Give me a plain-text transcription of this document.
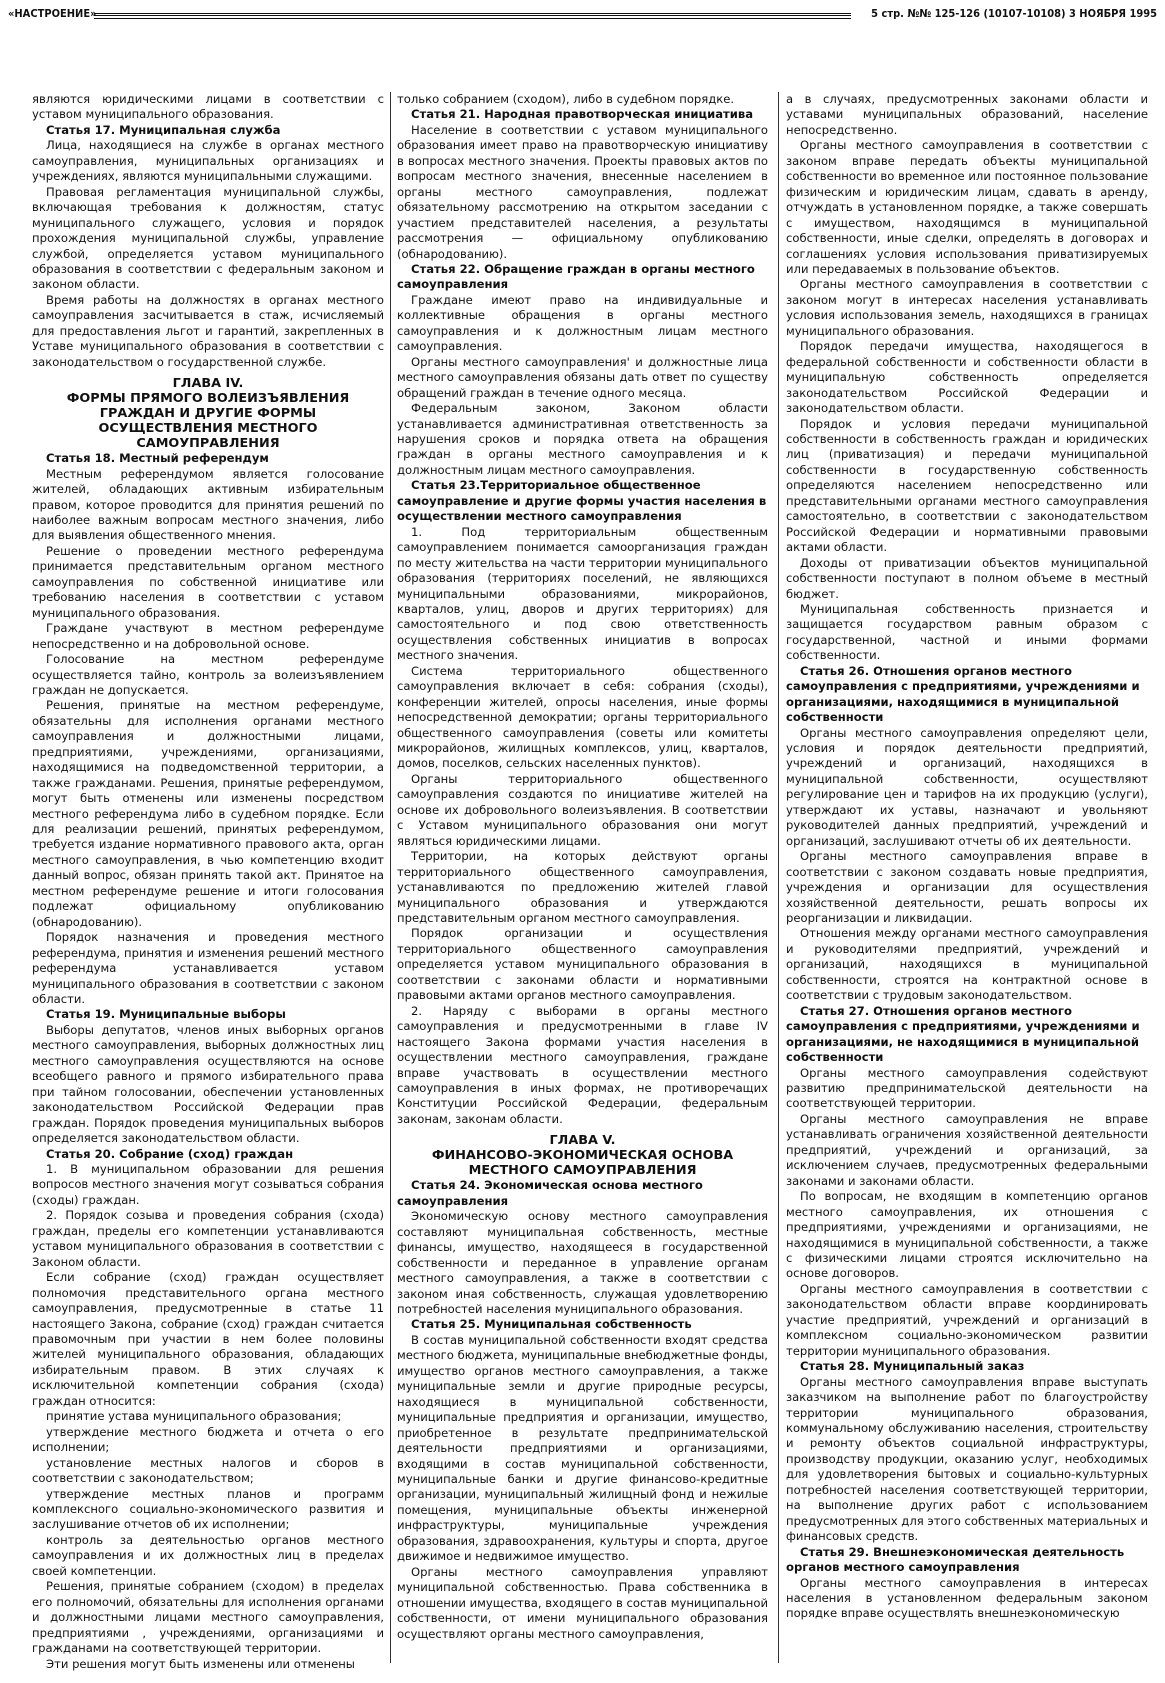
«НАСТРОЕНИЕ»	5 стр. №№ 125-126 (10107-10108) 3 НОЯБРЯ 1995

являются юридическими лицами в соответствии с уставом муниципального образования.

Статья 17. Муниципальная служба

Лица, находящиеся на службе в органах местного самоуправления, муниципальных организациях и учреждениях, являются муниципальными служащими.

Правовая регламентация муниципальной службы, включающая требования к должностям, статус муниципального служащего, условия и порядок прохождения муниципальной службы, управление службой, определяется уставом муниципального образования в соответствии с федеральным законом и законом области.

Время работы на должностях в органах местного самоуправления засчитывается в стаж, исчисляемый для предоставления льгот и гарантий, закрепленных в Уставе муниципального образования в соответствии с законодательством о государственной службе.

ГЛАВА IV.
ФОРМЫ ПРЯМОГО ВОЛЕИЗЪЯВЛЕНИЯ ГРАЖДАН И ДРУГИЕ ФОРМЫ ОСУЩЕСТВЛЕНИЯ МЕСТНОГО САМОУПРАВЛЕНИЯ
Статья 18. Местный референдум

Местным референдумом является голосование жителей, обладающих активным избирательным правом, которое проводится для принятия решений по наиболее важным вопросам местного значения, либо для выявления общественного мнения.

Решение о проведении местного референдума принимается представительным органом местного самоуправления по собственной инициативе или требованию населения в соответствии с уставом муниципального образования.

Граждане участвуют в местном референдуме непосредственно и на добровольной основе.

Голосование на местном референдуме осуществляется тайно, контроль за волеизъявлением граждан не допускается.

Решения, принятые на местном референдуме, обязательны для исполнения органами местного самоуправления и должностными лицами, предприятиями, учреждениями, организациями, находящимися на подведомственной территории, а также гражданами. Решения, принятые референдумом, могут быть отменены или изменены посредством местного референдума либо в судебном порядке. Если для реализации решений, принятых референдумом, требуется издание нормативного правового акта, орган местного самоуправления, в чью компетенцию входит данный вопрос, обязан принять такой акт. Принятое на местном референдуме решение и итоги голосования подлежат официальному опубликованию (обнародованию).

Порядок назначения и проведения местного референдума, принятия и изменения решений местного референдума устанавливается уставом муниципального образования в соответствии с законом области.

Статья 19. Муниципальные выборы

Выборы депутатов, членов иных выборных органов местного самоуправления, выборных должностных лиц местного самоуправления осуществляются на основе всеобщего равного и прямого избирательного права при тайном голосовании, обеспечении установленных законодательством Российской Федерации прав граждан. Порядок проведения муниципальных выборов определяется законодательством области.

Статья 20. Собрание (сход) граждан

1. В муниципальном образовании для решения вопросов местного значения могут созываться собрания (сходы) граждан.

2. Порядок созыва и проведения собрания (схода) граждан, пределы его компетенции устанавливаются уставом муниципального образования в соответствии с Законом области.

Если собрание (сход) граждан осуществляет полномочия представительного органа местного самоуправления, предусмотренные в статье 11 настоящего Закона, собрание (сход) граждан считается правомочным при участии в нем более половины жителей муниципального образования, обладающих избирательным правом. В этих случаях к исключительной компетенции собрания (схода) граждан относится:

принятие устава муниципального образования;

утверждение местного бюджета и отчета о его исполнении;

установление местных налогов и сборов в соответствии с законодательством;

утверждение местных планов и программ комплексного социально-экономического развития и заслушивание отчетов об их исполнении;

контроль за деятельностью органов местного самоуправления и их должностных лиц в пределах своей компетенции.

Решения, принятые собранием (сходом) в пределах его полномочий, обязательны для исполнения органами и должностными лицами местного самоуправления, предприятиями , учреждениями, организациями и гражданами на соответствующей территории.

Эти решения могут быть изменены или отменены

только собранием (сходом), либо в судебном порядке.

Статья 21. Народная правотворческая инициатива

Население в соответствии с уставом муниципального образования имеет право на правотворческую инициативу в вопросах местного значения. Проекты правовых актов по вопросам местного значения, внесенные населением в органы местного самоуправления, подлежат обязательному рассмотрению на открытом заседании с участием представителей населения, а результаты рассмотрения — официальному опубликованию (обнародованию).

Статья 22. Обращение граждан в органы местного самоуправления

Граждане имеют право на индивидуальные и коллективные обращения в органы местного самоуправления и к должностным лицам местного самоуправления.

Органы местного самоуправления' и должностные лица местного самоуправления обязаны дать ответ по существу обращений граждан в течение одного месяца.

Федеральным законом, Законом области устанавливается административная ответственность за нарушения сроков и порядка ответа на обращения граждан в органы местного самоуправления и к должностным лицам местного самоуправления.

Статья 23.Территориальное общественное самоуправление и другие формы участия населения в осуществлении местного самоуправления

1. Под территориальным общественным самоуправлением понимается самоорганизация граждан по месту жительства на части территории муниципального образования (территориях поселений, не являющихся муниципальными образованиями, микрорайонов, кварталов, улиц, дворов и других территориях) для самостоятельного и под свою ответственность осуществления собственных инициатив в вопросах местного значения.

Система территориального общественного самоуправления включает в себя: собрания (сходы), конференции жителей, опросы населения, иные формы непосредственной демократии; органы территориального общественного самоуправления (советы или комитеты микрорайонов, жилищных комплексов, улиц, кварталов, домов, поселков, сельских населенных пунктов).

Органы территориального общественного самоуправления создаются по инициативе жителей на основе их добровольного волеизъявления. В соответствии с Уставом муниципального образования они могут являться юридическими лицами.

Территории, на которых действуют органы территориального общественного самоуправления, устанавливаются по предложению жителей главой муниципального образования и утверждаются представительным органом местного самоуправления.

Порядок организации и осуществления территориального общественного самоуправления определяется уставом муниципального образования в соответствии с законами области и нормативными правовыми актами органов местного самоуправления.

2. Наряду с выборами в органы местного самоуправления и предусмотренными в главе IV настоящего Закона формами участия населения в осуществлении местного самоуправления, граждане вправе участвовать в осуществлении местного самоуправления в иных формах, не противоречащих Конституции Российской Федерации, федеральным законам, законам области.

ГЛАВА V.
ФИНАНСОВО-ЭКОНОМИЧЕСКАЯ ОСНОВА МЕСТНОГО САМОУПРАВЛЕНИЯ
Статья 24. Экономическая основа местного самоуправления

Экономическую основу местного самоуправления составляют муниципальная собственность, местные финансы, имущество, находящееся в государственной собственности и переданное в управление органам местного самоуправления, а также в соответствии с законом иная собственность, служащая удовлетворению потребностей населения муниципального образования.

Статья 25. Муниципальная собственность

В состав муниципальной собственности входят средства местного бюджета, муниципальные внебюджетные фонды, имущество органов местного самоуправления, а также муниципальные земли и другие природные ресурсы, находящиеся в муниципальной собственности, муниципальные предприятия и организации, имущество, приобретенное в результате предпринимательской деятельности предприятиями и организациями, входящими в состав муниципальной собственности, муниципальные банки и другие финансово-кредитные организации, муниципальный жилищный фонд и нежилые помещения, муниципальные объекты инженерной инфраструктуры, муниципальные учреждения образования, здравоохранения, культуры и спорта, другое движимое и недвижимое имущество.

Органы местного самоуправления управляют муниципальной собственностью. Права собственника в отношении имущества, входящего в состав муниципальной собственности, от имени муниципального образования осуществляют органы местного самоуправления,

а в случаях, предусмотренных законами области и уставами муниципальных образований, население непосредственно.

Органы местного самоуправления в соответствии с законом вправе передать объекты муниципальной собственности во временное или постоянное пользование физическим и юридическим лицам, сдавать в аренду, отчуждать в установленном порядке, а также совершать с имуществом, находящимся в муниципальной собственности, иные сделки, определять в договорах и соглашениях условия использования приватизируемых или передаваемых в пользование объектов.

Органы местного самоуправления в соответствии с законом могут в интересах населения устанавливать условия использования земель, находящихся в границах муниципального образования.

Порядок передачи имущества, находящегося в федеральной собственности и собственности области в муниципальную собственность определяется законодательством Российской Федерации и законодательством области.

Порядок и условия передачи муниципальной собственности в собственность граждан и юридических лиц (приватизация) и передачи муниципальной собственности в государственную собственность определяются населением непосредственно или представительными органами местного самоуправления самостоятельно, в соответствии с законодательством Российской Федерации и нормативными правовыми актами области.

Доходы от приватизации объектов муниципальной собственности поступают в полном объеме в местный бюджет.

Муниципальная собственность признается и защищается государством равным образом с государственной, частной и иными формами собственности.

Статья 26. Отношения органов местного самоуправления с предприятиями, учреждениями и организациями, находящимися в муниципальной собственности

Органы местного самоуправления определяют цели, условия и порядок деятельности предприятий, учреждений и организаций, находящихся в муниципальной собственности, осуществляют регулирование цен и тарифов на их продукцию (услуги), утверждают их уставы, назначают и увольняют руководителей данных предприятий, учреждений и организаций, заслушивают отчеты об их деятельности.

Органы местного самоуправления вправе в соответствии с законом создавать новые предприятия, учреждения и организации для осуществления хозяйственной деятельности, решать вопросы их реорганизации и ликвидации.

Отношения между органами местного самоуправления и руководителями предприятий, учреждений и организаций, находящихся в муниципальной собственности, строятся на контрактной основе в соответствии с трудовым законодательством.

Статья 27. Отношения органов местного самоуправления с предприятиями, учреждениями и организациями, не находящимися в муниципальной собственности

Органы местного самоуправления содействуют развитию предпринимательской деятельности на соответствующей территории.

Органы местного самоуправления не вправе устанавливать ограничения хозяйственной деятельности предприятий, учреждений и организаций, за исключением случаев, предусмотренных федеральными законами и законами области.

По вопросам, не входящим в компетенцию органов местного самоуправления, их отношения с предприятиями, учреждениями и организациями, не находящимися в муниципальной собственности, а также с физическими лицами строятся исключительно на основе договоров.

Органы местного самоуправления в соответствии с законодательством области вправе координировать участие предприятий, учреждений и организаций в комплексном социально-экономическом развитии территории муниципального образования.

Статья 28. Муниципальный заказ

Органы местного самоуправления вправе выступать заказчиком на выполнение работ по благоустройству территории муниципального образования, коммунальному обслуживанию населения, строительству и ремонту объектов социальной инфраструктуры, производству продукции, оказанию услуг, необходимых для удовлетворения бытовых и социально-культурных потребностей населения соответствующей территории, на выполнение других работ с использованием предусмотренных для этого собственных материальных и финансовых средств.

Статья 29. Внешнеэкономическая деятельность органов местного самоуправления

Органы местного самоуправления в интересах населения в установленном федеральным законом порядке вправе осуществлять внешнеэкономическую
